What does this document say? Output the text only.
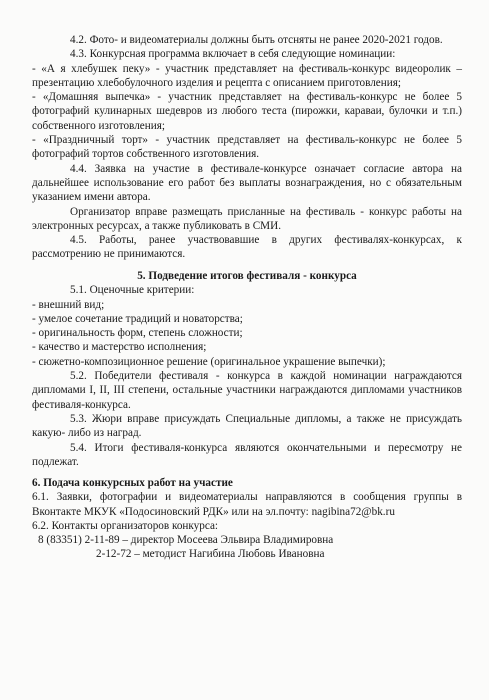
4.2. Фото- и видеоматериалы должны быть отсняты не ранее 2020-2021 годов.

4.3. Конкурсная программа включает в себя следующие номинации:

- «А я хлебушек пеку» - участник представляет на фестиваль-конкурс видеоролик – презентацию хлебобулочного изделия и рецепта с описанием приготовления;

- «Домашняя выпечка» - участник представляет на фестиваль-конкурс не более 5 фотографий кулинарных шедевров из любого теста (пирожки, караваи, булочки и т.п.) собственного изготовления;

- «Праздничный торт» - участник представляет на фестиваль-конкурс не более 5 фотографий тортов собственного изготовления.

4.4. Заявка на участие в фестивале-конкурсе означает согласие автора на дальнейшее использование его работ без выплаты вознаграждения, но с обязательным указанием имени автора.

Организатор вправе размещать присланные на фестиваль - конкурс работы на электронных ресурсах, а также публиковать в СМИ.

4.5. Работы, ранее участвовавшие в других фестивалях-конкурсах, к рассмотрению не принимаются.

5. Подведение итогов фестиваля - конкурса

5.1. Оценочные критерии:

- внешний вид;

- умелое сочетание традиций и новаторства;

- оригинальность форм, степень сложности;

- качество и мастерство исполнения;

- сюжетно-композиционное решение (оригинальное украшение выпечки);

5.2. Победители фестиваля - конкурса в каждой номинации награждаются дипломами I, II, III степени, остальные участники награждаются дипломами участников фестиваля-конкурса.

5.3. Жюри вправе присуждать Специальные дипломы, а также не присуждать какую- либо из наград.

5.4. Итоги фестиваля-конкурса являются окончательными и пересмотру не подлежат.

6. Подача конкурсных работ на участие

6.1. Заявки, фотографии и видеоматериалы направляются в сообщения группы в Вконтакте МКУК «Подосиновский РДК» или на эл.почту: nagibina72@bk.ru

6.2. Контакты организаторов конкурса:

8 (83351) 2-11-89 – директор Мосеева Эльвира Владимировна

2-12-72 – методист Нагибина Любовь Ивановна
